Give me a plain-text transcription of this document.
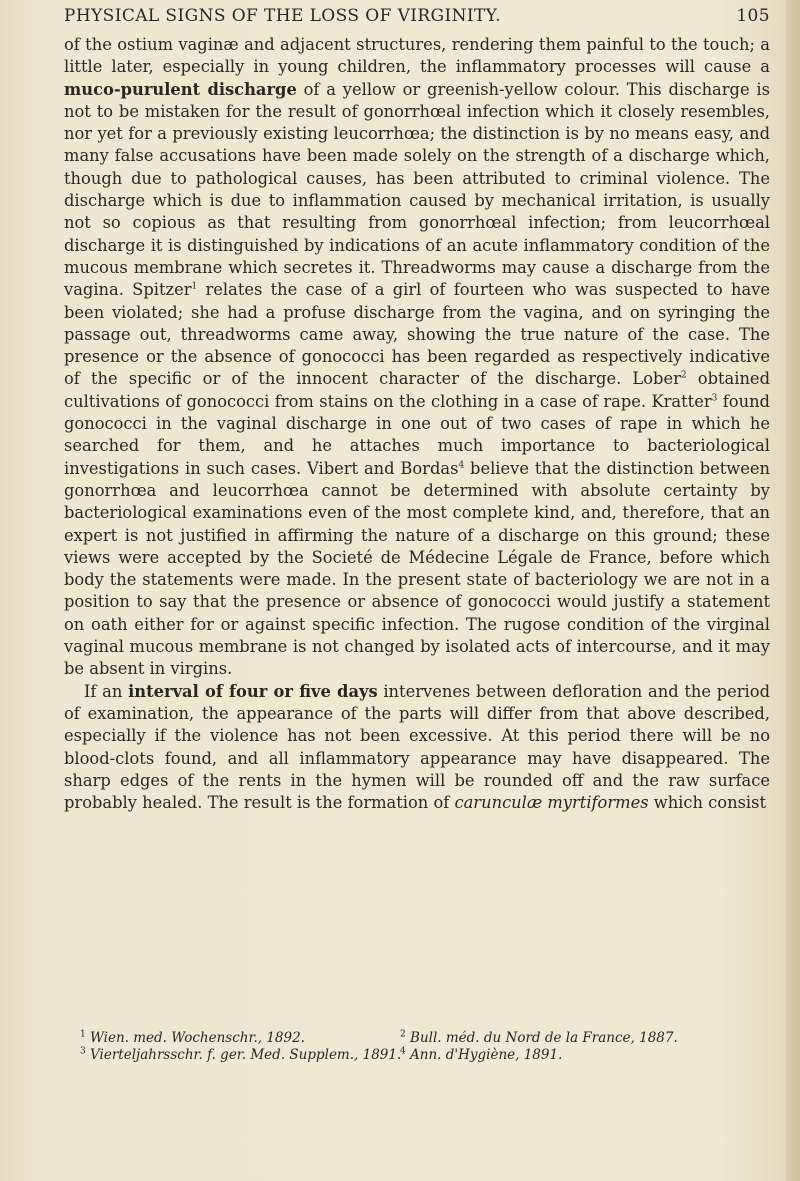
PHYSICAL SIGNS OF THE LOSS OF VIRGINITY.	105

of the ostium vaginæ and adjacent structures, rendering them painful to the touch; a little later, especially in young children, the inflammatory processes will cause a muco-purulent discharge of a yellow or greenish-yellow colour. This discharge is not to be mistaken for the result of gonorrhœal infection which it closely resembles, nor yet for a previously existing leucorrhœa; the distinction is by no means easy, and many false accusations have been made solely on the strength of a discharge which, though due to pathological causes, has been attributed to criminal violence. The discharge which is due to inflammation caused by mechanical irritation, is usually not so copious as that resulting from gonorrhœal infection; from leucorrhœal discharge it is distinguished by indications of an acute inflammatory condition of the mucous membrane which secretes it. Threadworms may cause a discharge from the vagina. Spitzer$^1$ relates the case of a girl of fourteen who was suspected to have been violated; she had a profuse discharge from the vagina, and on syringing the passage out, threadworms came away, showing the true nature of the case. The presence or the absence of gonococci has been regarded as respectively indicative of the specific or of the innocent character of the discharge. Lober$^2$ obtained cultivations of gonococci from stains on the clothing in a case of rape. Kratter$^3$ found gonococci in the vaginal discharge in one out of two cases of rape in which he searched for them, and he attaches much importance to bacteriological investigations in such cases. Vibert and Bordas$^4$ believe that the distinction between gonorrhœa and leucorrhœa cannot be determined with absolute certainty by bacteriological examinations even of the most complete kind, and, therefore, that an expert is not justified in affirming the nature of a discharge on this ground; these views were accepted by the Societé de Médecine Légale de France, before which body the statements were made. In the present state of bacteriology we are not in a position to say that the presence or absence of gonococci would justify a statement on oath either for or against specific infection. The rugose condition of the virginal vaginal mucous membrane is not changed by isolated acts of intercourse, and it may be absent in virgins.

If an interval of four or five days intervenes between defloration and the period of examination, the appearance of the parts will differ from that above described, especially if the violence has not been excessive. At this period there will be no blood-clots found, and all inflammatory appearance may have disappeared. The sharp edges of the rents in the hymen will be rounded off and the raw surface probably healed. The result is the formation of carunculæ myrtiformes which consist

$^1$ Wien. med. Wochenschr., 1892.	$^2$ Bull. méd. du Nord de la France, 1887.
$^3$ Vierteljahrsschr. f. ger. Med. Supplem., 1891.
$^4$ Ann. d'Hygiène, 1891.
